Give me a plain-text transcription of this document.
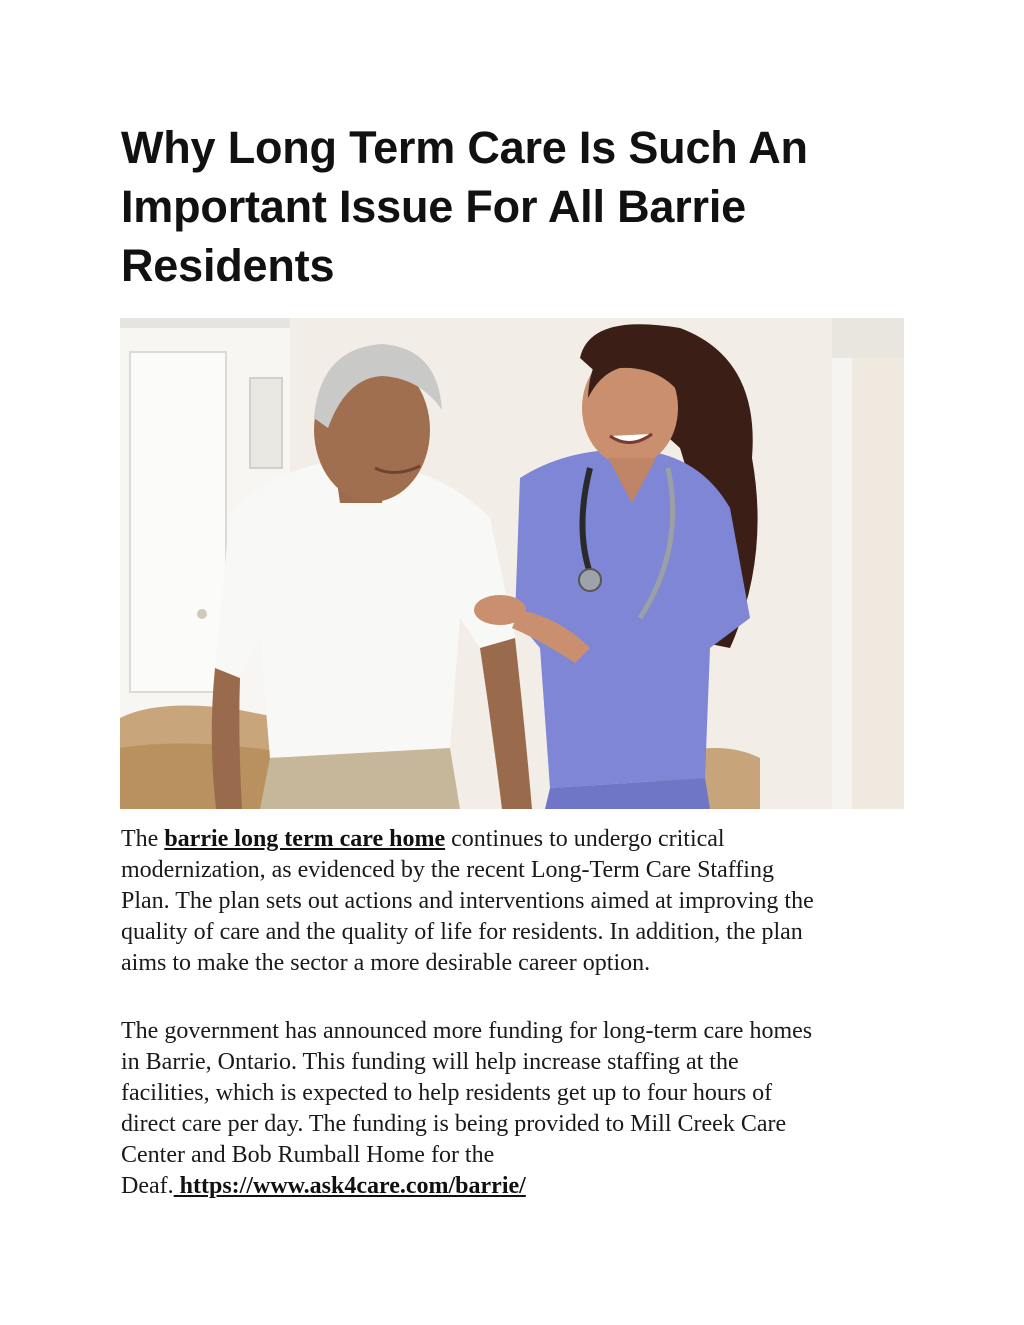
Why Long Term Care Is Such An Important Issue For All Barrie Residents

The barrie long term care home continues to undergo critical
modernization, as evidenced by the recent Long-Term Care Staffing
Plan. The plan sets out actions and interventions aimed at improving the
quality of care and the quality of life for residents. In addition, the plan
aims to make the sector a more desirable career option.

The government has announced more funding for long-term care homes
in Barrie, Ontario. This funding will help increase staffing at the
facilities, which is expected to help residents get up to four hours of
direct care per day. The funding is being provided to Mill Creek Care
Center and Bob Rumball Home for the
Deaf. https://www.ask4care.com/barrie/
